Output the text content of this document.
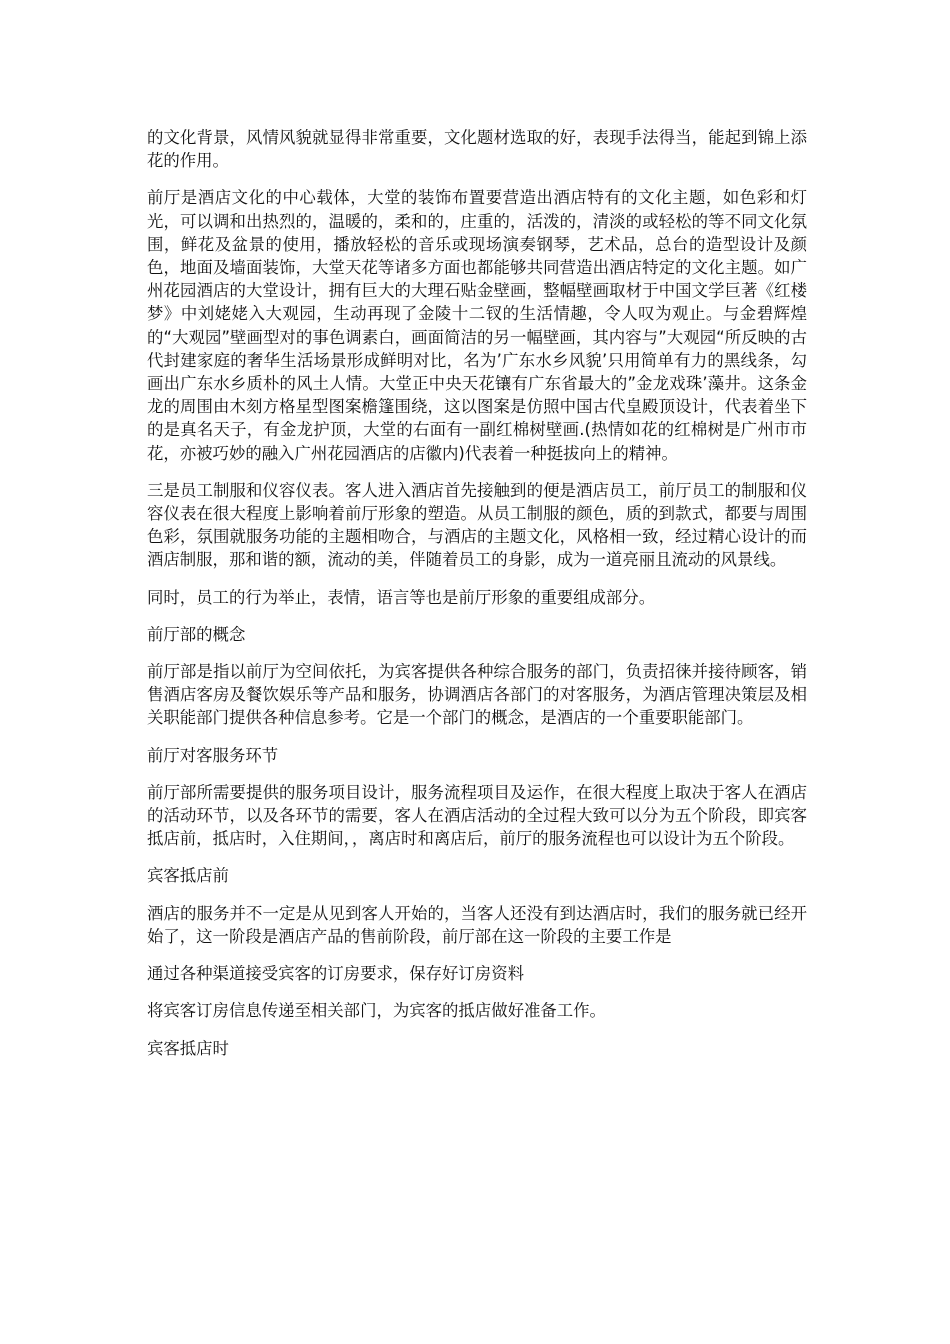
的文化背景，风情风貌就显得非常重要，文化题材选取的好，表现手法得当，能起到锦上添花的作用。

前厅是酒店文化的中心载体，大堂的装饰布置要营造出酒店特有的文化主题，如色彩和灯光，可以调和出热烈的，温暖的，柔和的，庄重的，活泼的，清淡的或轻松的等不同文化氛围，鲜花及盆景的使用，播放轻松的音乐或现场演奏钢琴，艺术品，总台的造型设计及颜色，地面及墙面装饰，大堂天花等诸多方面也都能够共同营造出酒店特定的文化主题。如广州花园酒店的大堂设计，拥有巨大的大理石贴金壁画，整幅壁画取材于中国文学巨著《红楼梦》中刘姥姥入大观园，生动再现了金陵十二钗的生活情趣，令人叹为观止。与金碧辉煌的“大观园”壁画型对的事色调素白，画面简洁的另一幅壁画，其内容与”大观园“所反映的古代封建家庭的奢华生活场景形成鲜明对比，名为’广东水乡风貌’只用简单有力的黑线条，勾画出广东水乡质朴的风土人情。大堂正中央天花镶有广东省最大的”金龙戏珠’藻井。这条金龙的周围由木刻方格星型图案檐篷围绕，这以图案是仿照中国古代皇殿顶设计，代表着坐下的是真名天子，有金龙护顶，大堂的右面有一副红棉树壁画.(热情如花的红棉树是广州市市花，亦被巧妙的融入广州花园酒店的店徽内)代表着一种挺拔向上的精神。

三是员工制服和仪容仪表。客人进入酒店首先接触到的便是酒店员工，前厅员工的制服和仪容仪表在很大程度上影响着前厅形象的塑造。从员工制服的颜色，质的到款式，都要与周围色彩，氛围就服务功能的主题相吻合，与酒店的主题文化，风格相一致，经过精心设计的而酒店制服，那和谐的额，流动的美，伴随着员工的身影，成为一道亮丽且流动的风景线。

同时，员工的行为举止，表情，语言等也是前厅形象的重要组成部分。

前厅部的概念

前厅部是指以前厅为空间依托，为宾客提供各种综合服务的部门，负责招徕并接待顾客，销售酒店客房及餐饮娱乐等产品和服务，协调酒店各部门的对客服务，为酒店管理决策层及相关职能部门提供各种信息参考。它是一个部门的概念，是酒店的一个重要职能部门。

前厅对客服务环节

前厅部所需要提供的服务项目设计，服务流程项目及运作，在很大程度上取决于客人在酒店的活动环节，以及各环节的需要，客人在酒店活动的全过程大致可以分为五个阶段，即宾客抵店前，抵店时，入住期间，，离店时和离店后，前厅的服务流程也可以设计为五个阶段。

宾客抵店前

酒店的服务并不一定是从见到客人开始的，当客人还没有到达酒店时，我们的服务就已经开始了，这一阶段是酒店产品的售前阶段，前厅部在这一阶段的主要工作是

通过各种渠道接受宾客的订房要求，保存好订房资料

将宾客订房信息传递至相关部门，为宾客的抵店做好准备工作。

宾客抵店时
